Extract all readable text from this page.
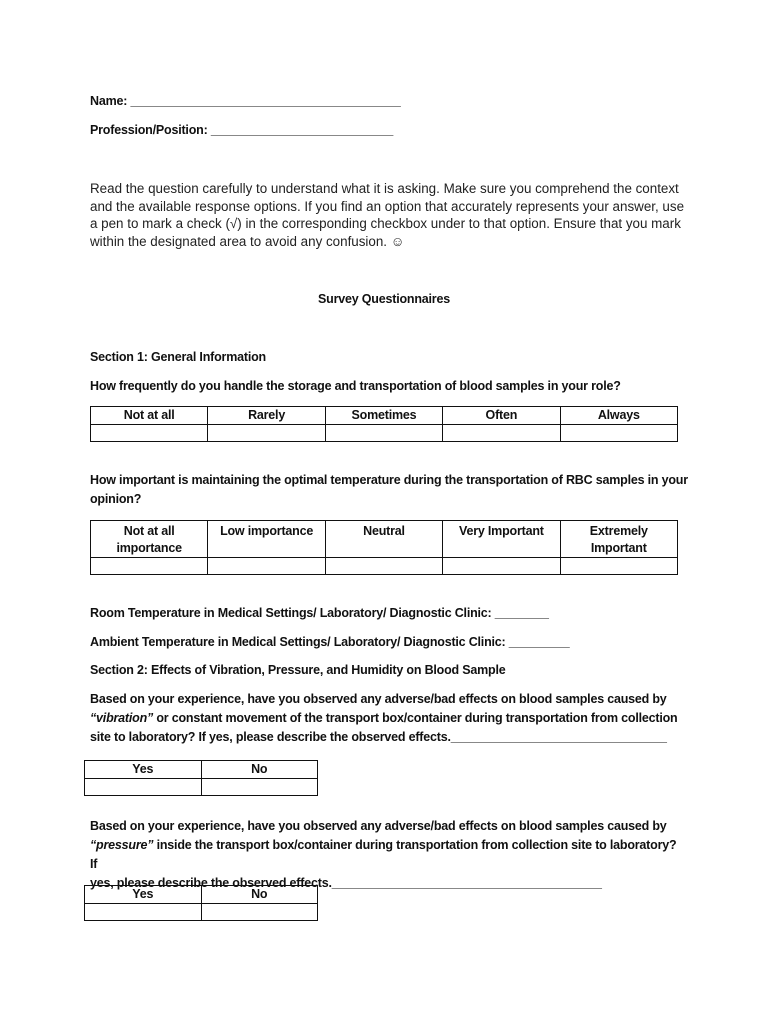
Name: ________________________________________
Profession/Position: ___________________________
Read the question carefully to understand what it is asking. Make sure you comprehend the context and the available response options. If you find an option that accurately represents your answer, use a pen to mark a check (√) in the corresponding checkbox under to that option. Ensure that you mark within the designated area to avoid any confusion. ☺
Survey Questionnaires
Section 1: General Information
How frequently do you handle the storage and transportation of blood samples in your role?
Not at all	Rarely	Sometimes	Often	Always

How important is maintaining the optimal temperature during the transportation of RBC samples in your
opinion?
Not at all importance	Low importance	Neutral	Very Important	Extremely Important

Room Temperature in Medical Settings/ Laboratory/ Diagnostic Clinic: ________
Ambient Temperature in Medical Settings/ Laboratory/ Diagnostic Clinic: _________
Section 2: Effects of Vibration, Pressure, and Humidity on Blood Sample
Based on your experience, have you observed any adverse/bad effects on blood samples caused by
“vibration” or constant movement of the transport box/container during transportation from collection
site to laboratory? If yes, please describe the observed effects.________________________________
Yes	No

Based on your experience, have you observed any adverse/bad effects on blood samples caused by
“pressure” inside the transport box/container during transportation from collection site to laboratory? If
yes, please describe the observed effects.________________________________________
Yes	No
